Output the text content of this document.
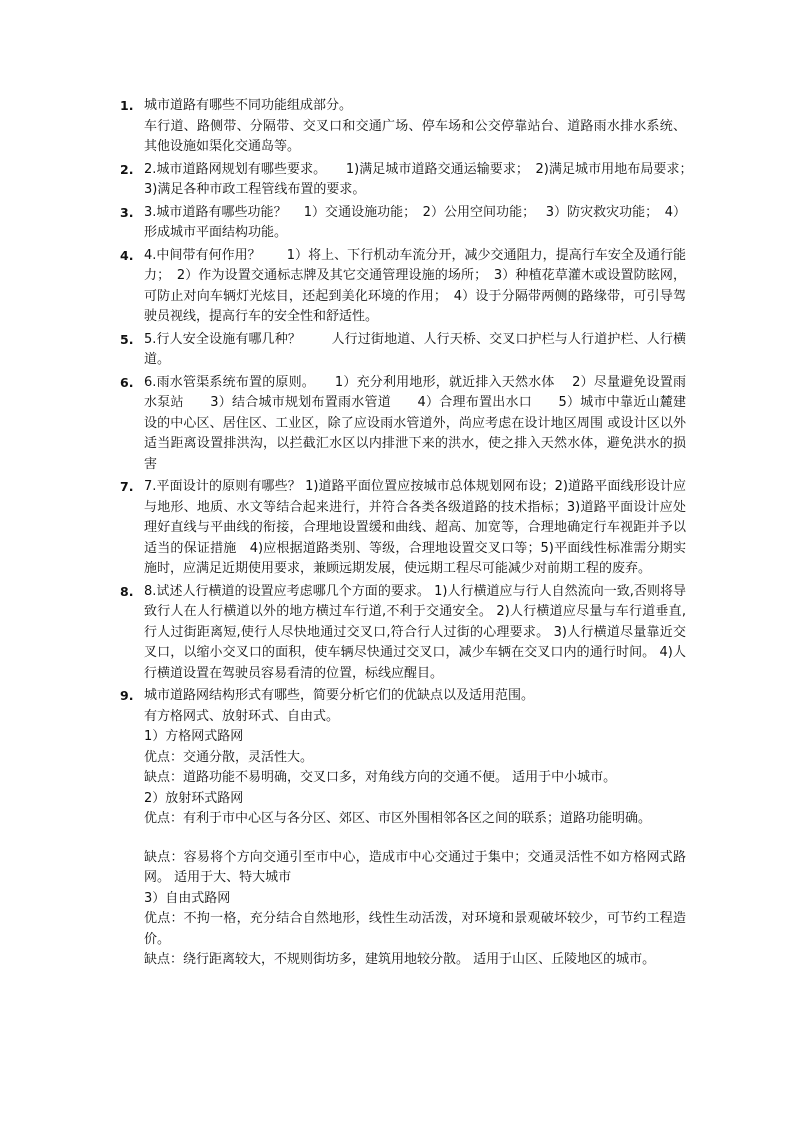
1. 城市道路有哪些不同功能组成部分。
车行道、路侧带、分隔带、交叉口和交通广场、停车场和公交停靠站台、道路雨水排水系统、其他设施如渠化交通岛等。
2. 2.城市道路网规划有哪些要求。　　1)满足城市道路交通运输要求；　2)满足城市用地布局要求；　　3)满足各种市政工程管线布置的要求。
3. 3.城市道路有哪些功能？　 1）交通设施功能；　2）公用空间功能；　 3）防灾救灾功能；　4）形成城市平面结构功能。
4. 4.中间带有何作用？　　1）将上、下行机动车流分开，减少交通阻力，提高行车安全及通行能力；　2）作为设置交通标志牌及其它交通管理设施的场所；　3）种植花草灌木或设置防眩网，可防止对向车辆灯光炫目，还起到美化环境的作用；　4）设于分隔带两侧的路缘带，可引导驾驶员视线，提高行车的安全性和舒适性。
5. 5.行人安全设施有哪几种？　　 人行过街地道、人行天桥、交叉口护栏与人行道护栏、人行横道。
6. 6.雨水管渠系统布置的原则。　　1）充分利用地形，就近排入天然水体　 2）尽量避免设置雨水泵站　　3）结合城市规划布置雨水管道　　4）合理布置出水口　　5）城市中靠近山麓建设的中心区、居住区、工业区，除了应设雨水管道外，尚应考虑在设计地区周围 或设计区以外适当距离设置排洪沟，以拦截汇水区以内排泄下来的洪水，使之排入天然水体，避免洪水的损害
7. 7.平面设计的原则有哪些？ 1)道路平面位置应按城市总体规划网布设；2)道路平面线形设计应与地形、地质、水文等结合起来进行，并符合各类各级道路的技术指标；3)道路平面设计应处理好直线与平曲线的衔接，合理地设置缓和曲线、超高、加宽等，合理地确定行车视距并予以适当的保证措施　4)应根据道路类别、等级，合理地设置交叉口等；5)平面线性标准需分期实施时，应满足近期使用要求，兼顾远期发展，使远期工程尽可能减少对前期工程的废弃。
8. 8.试述人行横道的设置应考虑哪几个方面的要求。 1)人行横道应与行人自然流向一致,否则将导致行人在人行横道以外的地方横过车行道,不利于交通安全。 2)人行横道应尽量与车行道垂直,行人过街距离短,使行人尽快地通过交叉口,符合行人过街的心理要求。 3)人行横道尽量靠近交叉口，以缩小交叉口的面积，使车辆尽快通过交叉口，减少车辆在交叉口内的通行时间。 4)人行横道设置在驾驶员容易看清的位置，标线应醒目。
9. 城市道路网结构形式有哪些，简要分析它们的优缺点以及适用范围。
有方格网式、放射环式、自由式。
1）方格网式路网
优点：交通分散，灵活性大。
缺点：道路功能不易明确，交叉口多，对角线方向的交通不便。 适用于中小城市。
2）放射环式路网
优点：有利于市中心区与各分区、郊区、市区外围相邻各区之间的联系；道路功能明确。
缺点：容易将个方向交通引至市中心，造成市中心交通过于集中；交通灵活性不如方格网式路网。 适用于大、特大城市
3）自由式路网
优点：不拘一格，充分结合自然地形，线性生动活泼，对环境和景观破坏较少，可节约工程造价。
缺点：绕行距离较大，不规则街坊多，建筑用地较分散。 适用于山区、丘陵地区的城市。
